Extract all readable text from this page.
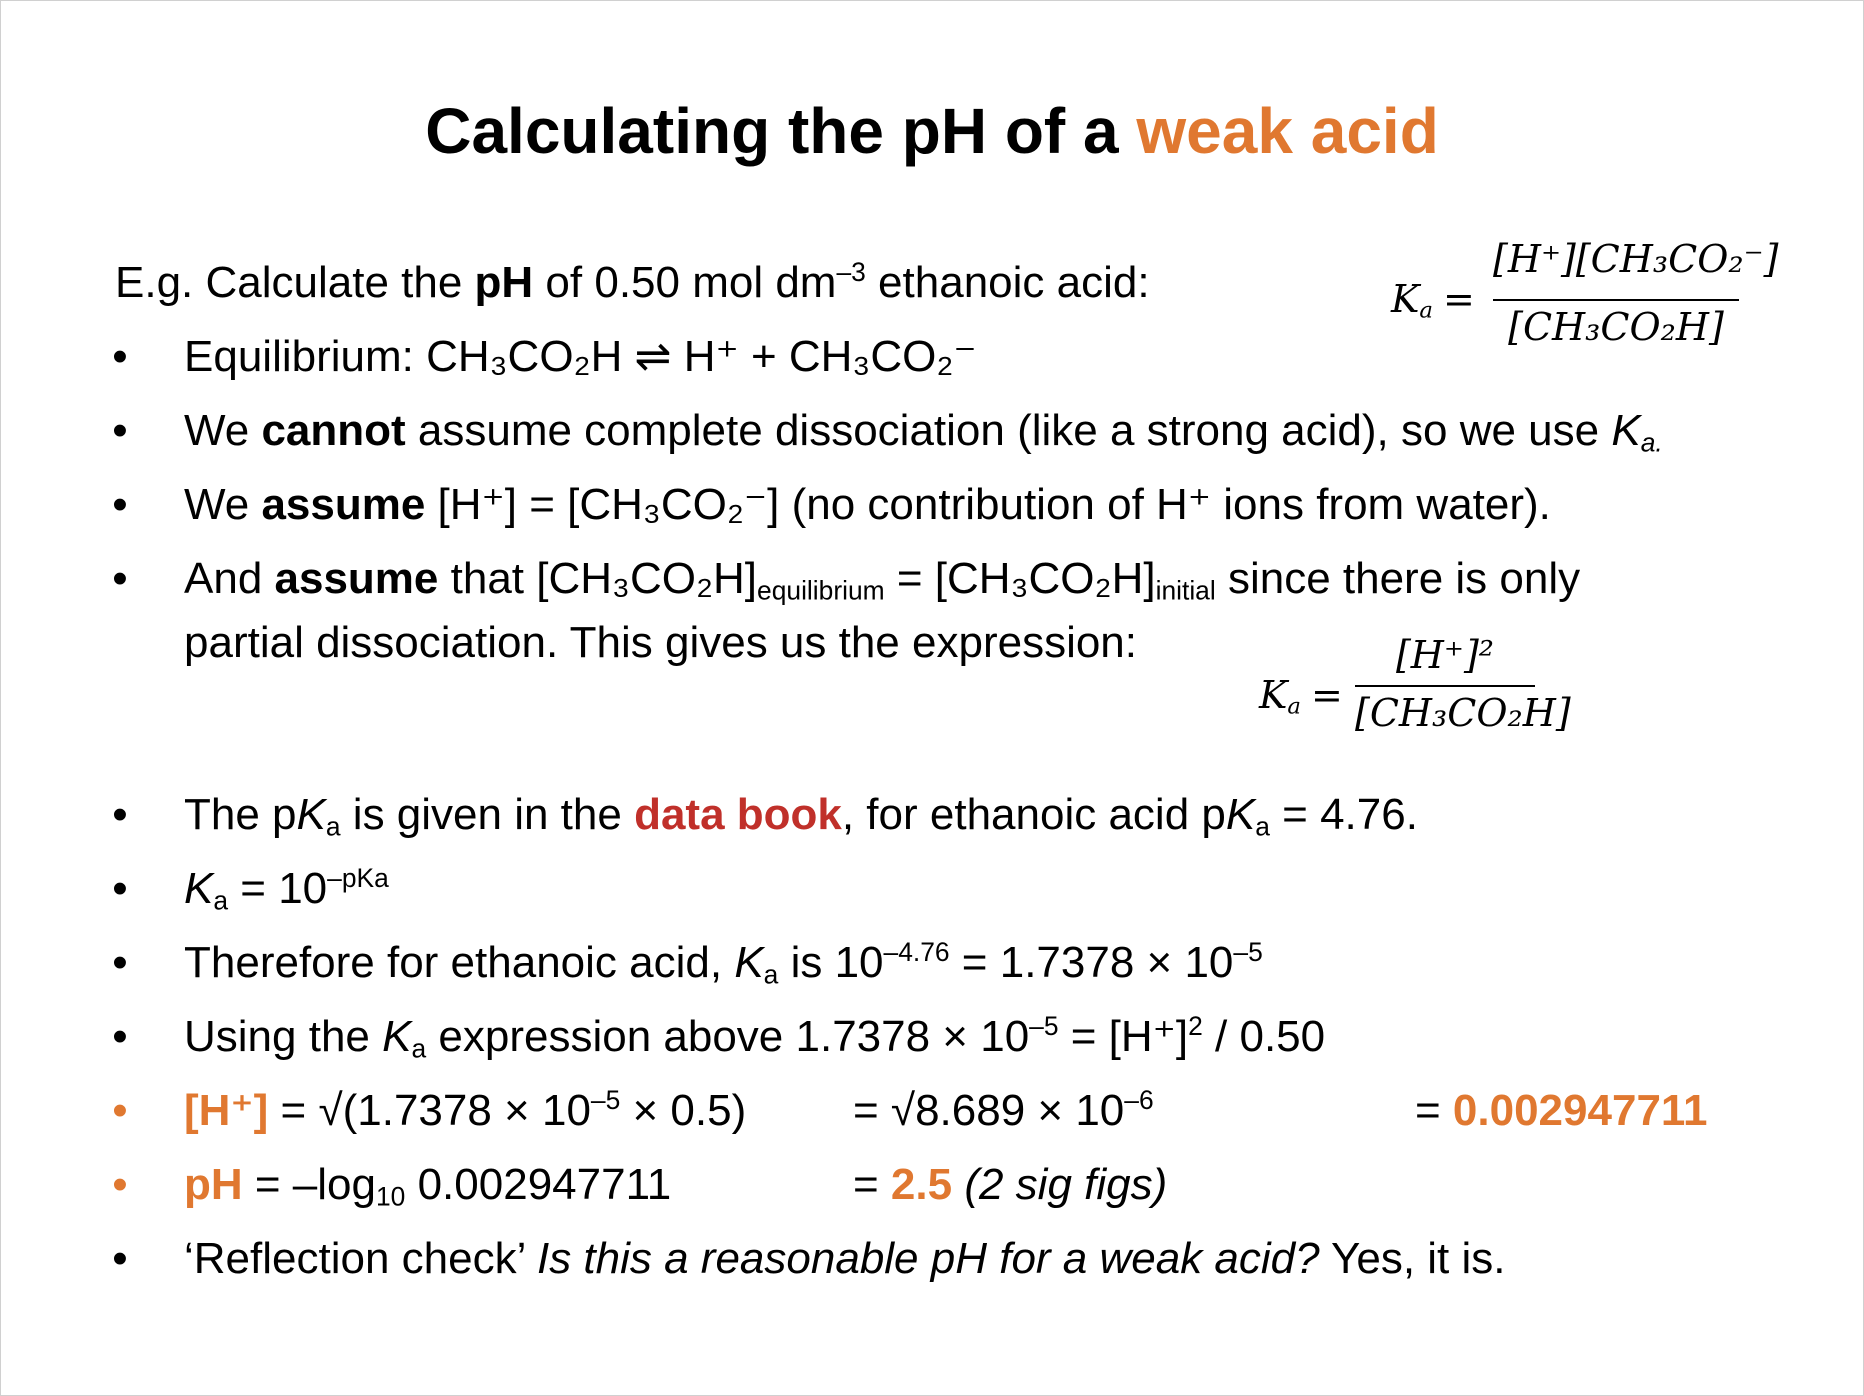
Calculating the pH of a weak acid
E.g. Calculate the pH of 0.50 mol $dm^{-3}$ ethanoic acid:	$K_a$ =
[H⁺][CH₃CO₂⁻]
[CH₃CO₂H]
• Equilibrium: CH₃CO₂H ⇌ H⁺ + CH₃CO₂⁻
• We cannot assume complete dissociation (like a strong acid), so we use $K_{a.}$
• We assume [H⁺] = [CH₃CO₂⁻] (no contribution of H⁺ ions from water).
• And assume that $[CH_3CO_2H]_{equilibrium} = [CH_3CO_2H]_{initial}$ since there is only
partial dissociation. This gives us the expression:
$K_a$ =
[H⁺]²
[CH₃CO₂H]
• The $pK_a$ is given in the data book, for ethanoic acid $pK_a = 4.76$.
• $K_a = 10^{-pKa}$
• Therefore for ethanoic acid, $K_a$ is $10^{-4.76} = 1.7378 \times 10^{-5}$
• Using the $K_a$ expression above $1.7378 \times 10^{-5} = [H^+]^2 / 0.50$
• $[H^+] = √(1.7378 \times 10^{-5} \times 0.5) = √8.689 \times 10^{-6}$	= 0.002947711
• pH = $-\log_{10}$ 0.002947711	= 2.5 (2 sig figs)
• ‘Reflection check’ Is this a reasonable pH for a weak acid? Yes, it is.
